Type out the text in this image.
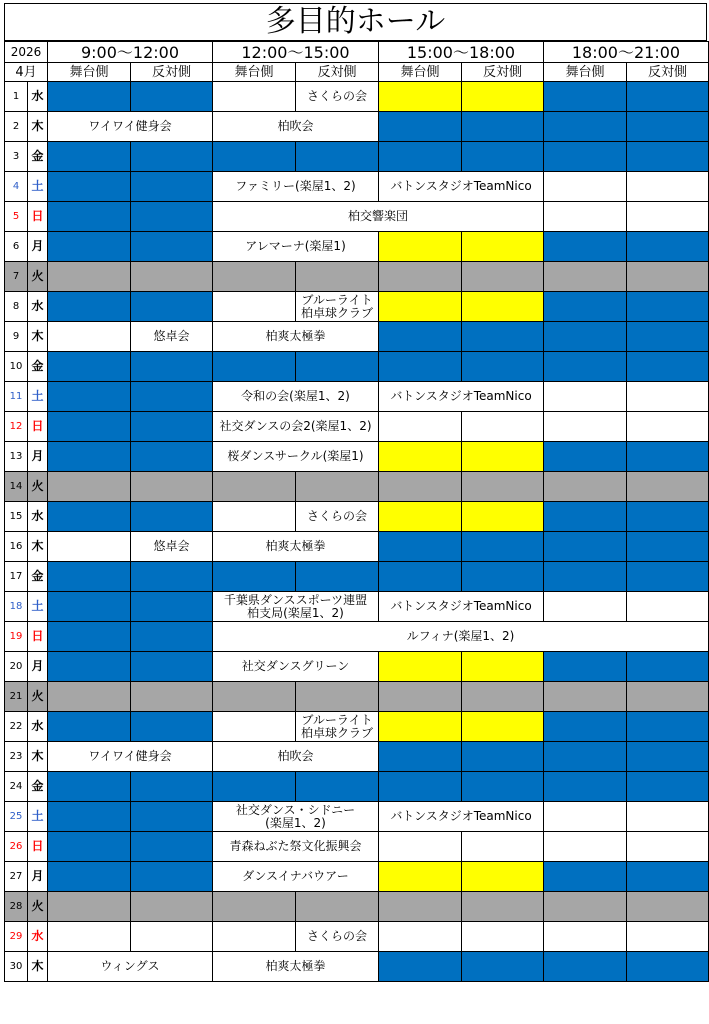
多目的ホール
2026		9:00～12:00		12:00～15:00		15:00～18:00		18:00～21:00	
4月		舞台側	反対側	舞台側	反対側	舞台側	反対側	舞台側	反対側
1	水				さくらの会				
2	木	ワイワイ健身会		柏吹会					
3	金								
4	土			ファミリー(楽屋1、2)		バトンスタジオTeamNico			
5	日			柏交響楽団					
6	月			アレマーナ(楽屋1)					
7	火								
8	水				ブルーライト
柏卓球クラブ				
9	木		悠卓会	柏爽太極拳					
10	金								
11	土			令和の会(楽屋1、2)		バトンスタジオTeamNico			
12	日			社交ダンスの会2(楽屋1、2)					
13	月			桜ダンスサークル(楽屋1)					
14	火								
15	水				さくらの会				
16	木		悠卓会	柏爽太極拳					
17	金								
18	土			千葉県ダンススポーツ連盟
柏支局(楽屋1、2)		バトンスタジオTeamNico			
19	日			ルフィナ(楽屋1、2)					
20	月			社交ダンスグリーン					
21	火								
22	水				ブルーライト
柏卓球クラブ				
23	木	ワイワイ健身会		柏吹会					
24	金								
25	土			社交ダンス・シドニー
(楽屋1、2)		バトンスタジオTeamNico			
26	日			青森ねぶた祭文化振興会					
27	月			ダンスイナバウアー					
28	火								
29	水				さくらの会				
30	木	ウィングス		柏爽太極拳					
